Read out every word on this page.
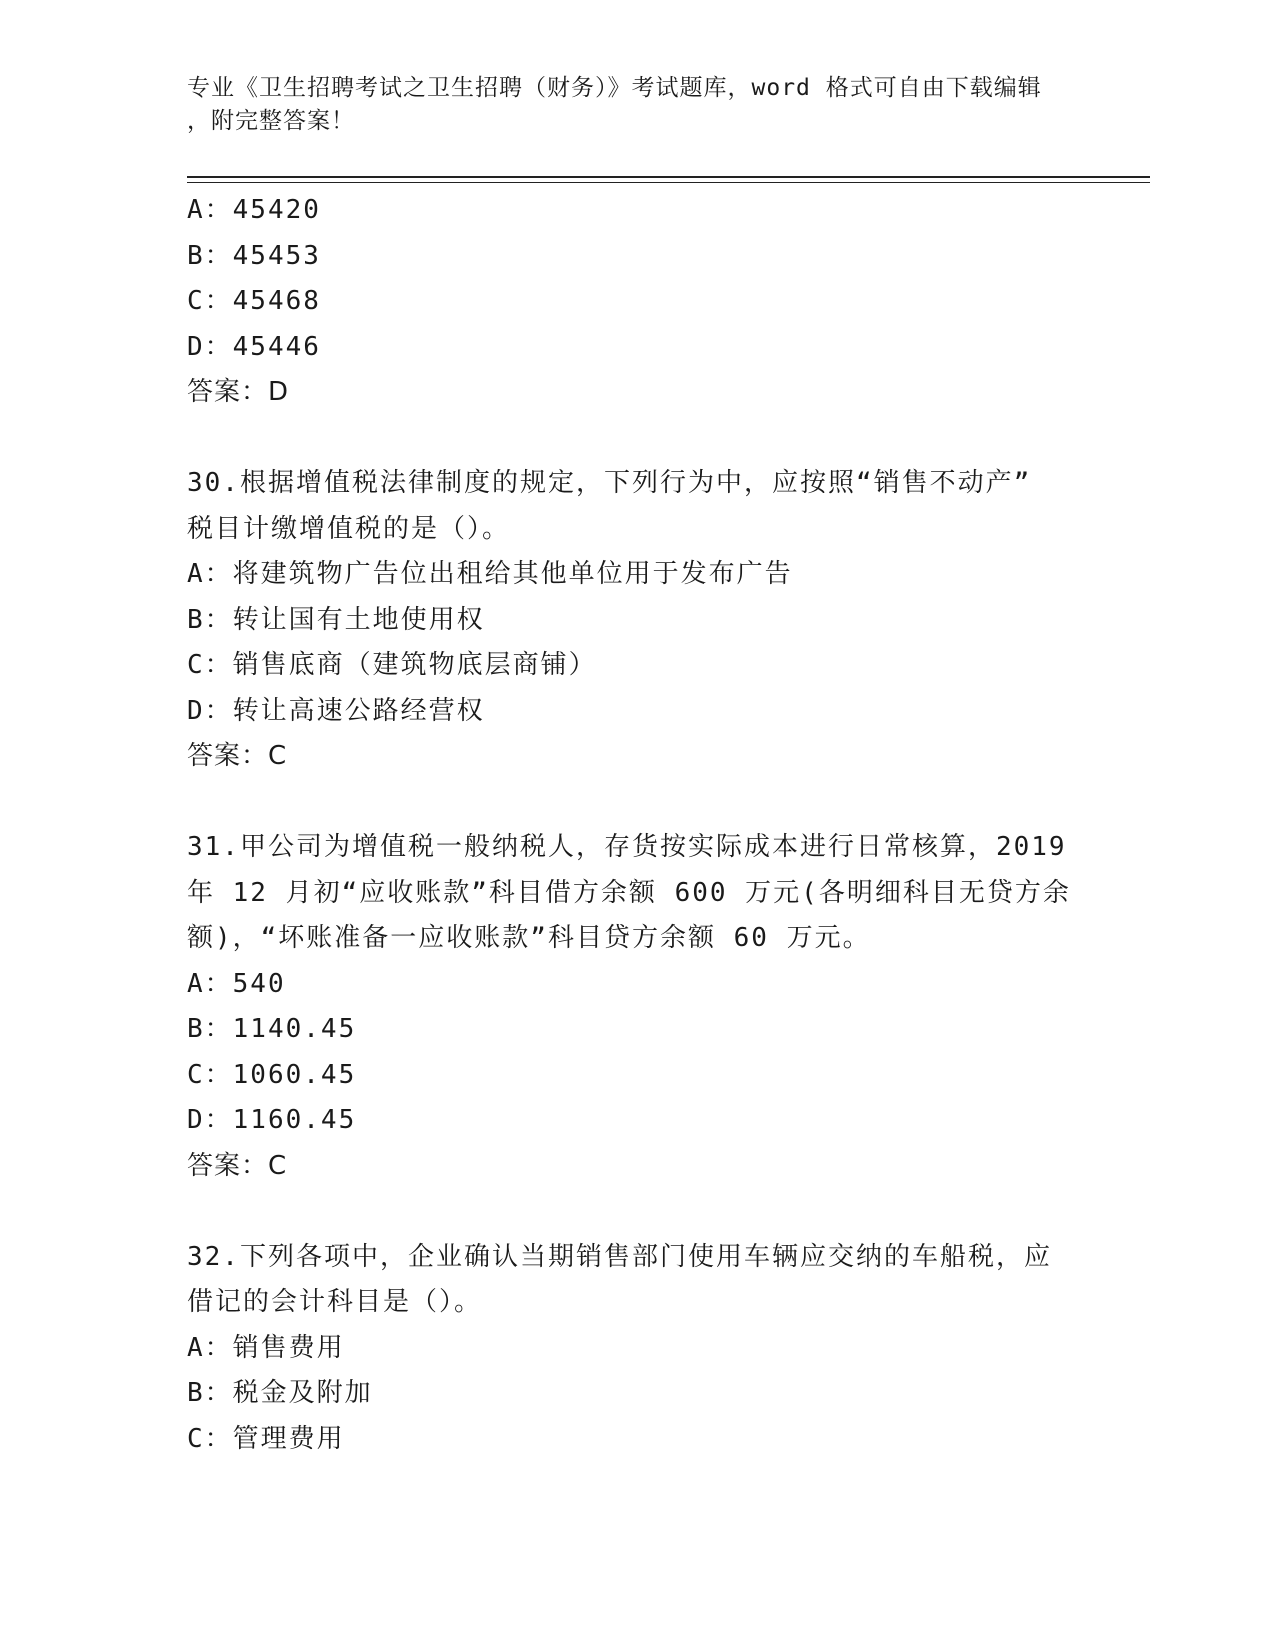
专业《卫生招聘考试之卫生招聘（财务）》考试题库，word 格式可自由下载编辑
，附完整答案！
A：45420
B：45453
C：45468
D：45446
答案：D
30.根据增值税法律制度的规定，下列行为中，应按照“销售不动产”
税目计缴增值税的是（）。
A：将建筑物广告位出租给其他单位用于发布广告
B：转让国有土地使用权
C：销售底商（建筑物底层商铺）
D：转让高速公路经营权
答案：C
31.甲公司为增值税一般纳税人，存货按实际成本进行日常核算，2019
年 12 月初“应收账款”科目借方余额 600 万元(各明细科目无贷方余
额)，“坏账准备一应收账款”科目贷方余额 60 万元。
A：540
B：1140.45
C：1060.45
D：1160.45
答案：C
32.下列各项中，企业确认当期销售部门使用车辆应交纳的车船税，应
借记的会计科目是（）。
A：销售费用
B：税金及附加
C：管理费用
